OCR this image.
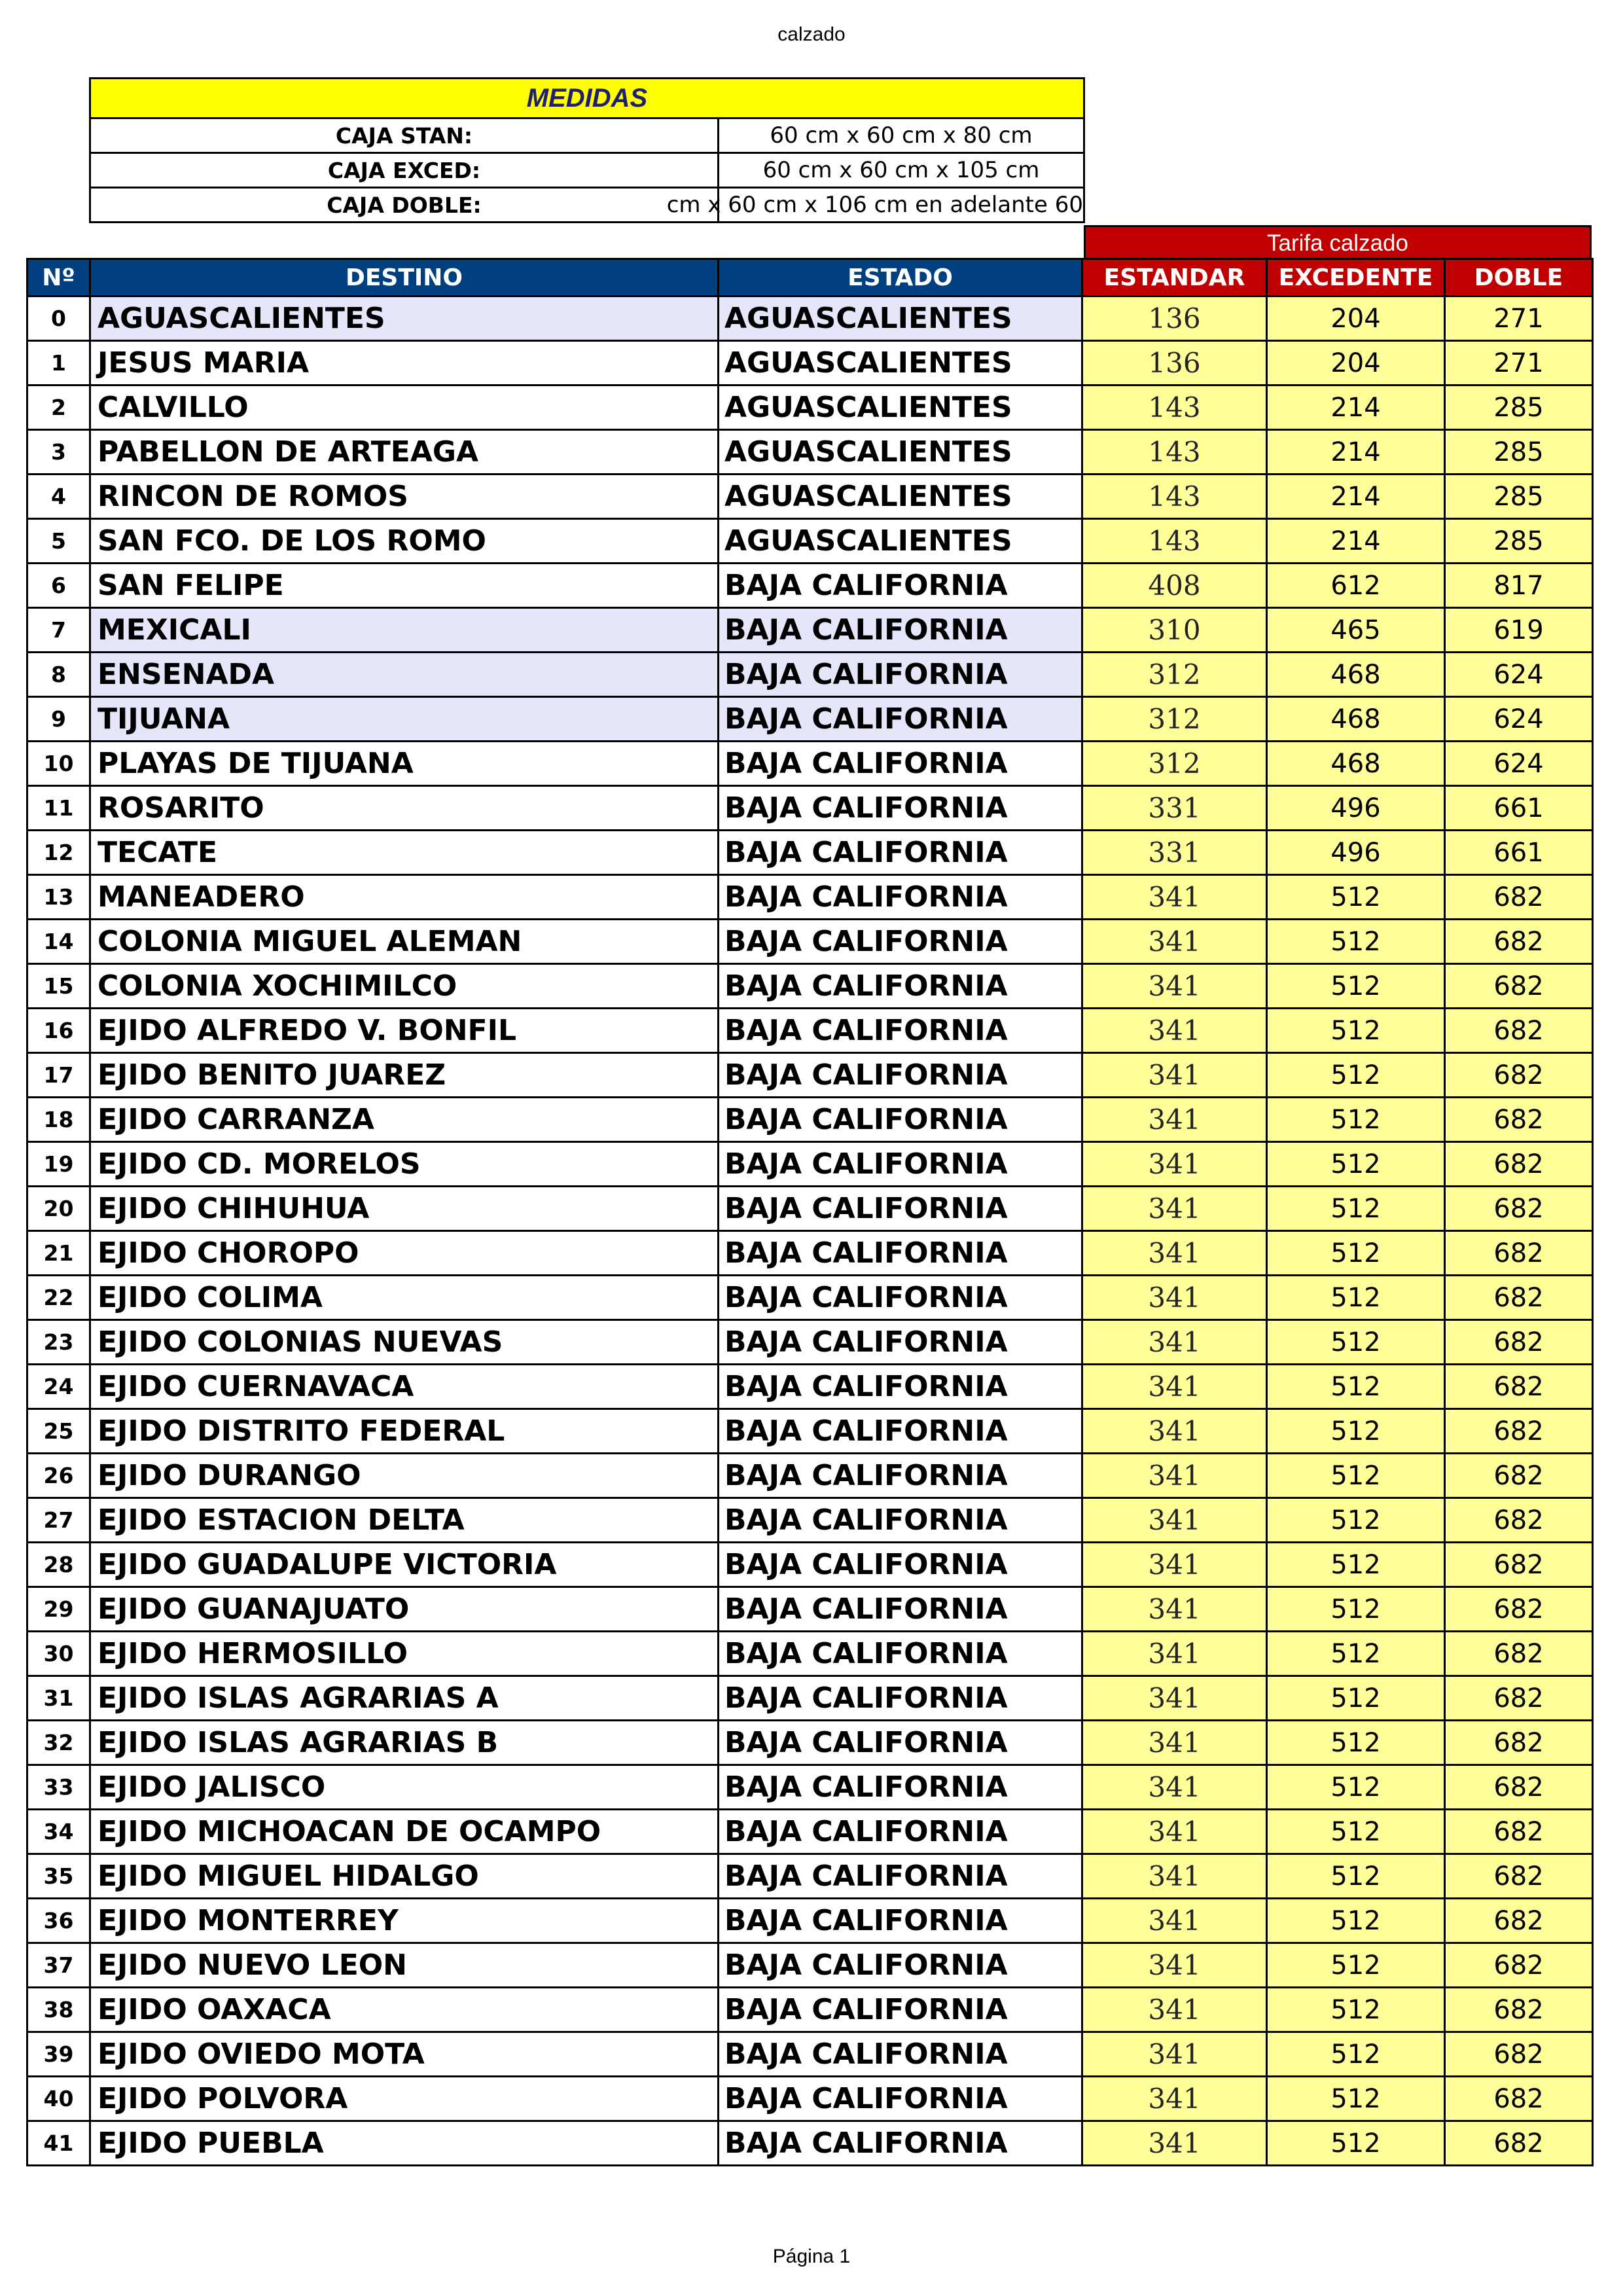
calzado
MEDIDAS	
CAJA STAN:	60 cm x 60 cm x 80 cm
CAJA EXCED:	60 cm x 60 cm x 105 cm
CAJA DOBLE:	60 cm x 60 cm x 106 cm en adelante
Tarifa calzado
Nº	DESTINO	ESTADO	ESTANDAR	EXCEDENTE	DOBLE
0	AGUASCALIENTES	AGUASCALIENTES	136	204	271
1	JESUS MARIA	AGUASCALIENTES	136	204	271
2	CALVILLO	AGUASCALIENTES	143	214	285
3	PABELLON DE ARTEAGA	AGUASCALIENTES	143	214	285
4	RINCON DE ROMOS	AGUASCALIENTES	143	214	285
5	SAN FCO. DE LOS ROMO	AGUASCALIENTES	143	214	285
6	SAN FELIPE	BAJA CALIFORNIA	408	612	817
7	MEXICALI	BAJA CALIFORNIA	310	465	619
8	ENSENADA	BAJA CALIFORNIA	312	468	624
9	TIJUANA	BAJA CALIFORNIA	312	468	624
10	PLAYAS DE TIJUANA	BAJA CALIFORNIA	312	468	624
11	ROSARITO	BAJA CALIFORNIA	331	496	661
12	TECATE	BAJA CALIFORNIA	331	496	661
13	MANEADERO	BAJA CALIFORNIA	341	512	682
14	COLONIA MIGUEL ALEMAN	BAJA CALIFORNIA	341	512	682
15	COLONIA XOCHIMILCO	BAJA CALIFORNIA	341	512	682
16	EJIDO ALFREDO V. BONFIL	BAJA CALIFORNIA	341	512	682
17	EJIDO BENITO JUAREZ	BAJA CALIFORNIA	341	512	682
18	EJIDO CARRANZA	BAJA CALIFORNIA	341	512	682
19	EJIDO CD. MORELOS	BAJA CALIFORNIA	341	512	682
20	EJIDO CHIHUHUA	BAJA CALIFORNIA	341	512	682
21	EJIDO CHOROPO	BAJA CALIFORNIA	341	512	682
22	EJIDO COLIMA	BAJA CALIFORNIA	341	512	682
23	EJIDO COLONIAS NUEVAS	BAJA CALIFORNIA	341	512	682
24	EJIDO CUERNAVACA	BAJA CALIFORNIA	341	512	682
25	EJIDO DISTRITO FEDERAL	BAJA CALIFORNIA	341	512	682
26	EJIDO DURANGO	BAJA CALIFORNIA	341	512	682
27	EJIDO ESTACION DELTA	BAJA CALIFORNIA	341	512	682
28	EJIDO GUADALUPE VICTORIA	BAJA CALIFORNIA	341	512	682
29	EJIDO GUANAJUATO	BAJA CALIFORNIA	341	512	682
30	EJIDO HERMOSILLO	BAJA CALIFORNIA	341	512	682
31	EJIDO ISLAS AGRARIAS A	BAJA CALIFORNIA	341	512	682
32	EJIDO ISLAS AGRARIAS B	BAJA CALIFORNIA	341	512	682
33	EJIDO JALISCO	BAJA CALIFORNIA	341	512	682
34	EJIDO MICHOACAN DE OCAMPO	BAJA CALIFORNIA	341	512	682
35	EJIDO MIGUEL HIDALGO	BAJA CALIFORNIA	341	512	682
36	EJIDO MONTERREY	BAJA CALIFORNIA	341	512	682
37	EJIDO NUEVO LEON	BAJA CALIFORNIA	341	512	682
38	EJIDO OAXACA	BAJA CALIFORNIA	341	512	682
39	EJIDO OVIEDO MOTA	BAJA CALIFORNIA	341	512	682
40	EJIDO POLVORA	BAJA CALIFORNIA	341	512	682
41	EJIDO PUEBLA	BAJA CALIFORNIA	341	512	682
Página 1
